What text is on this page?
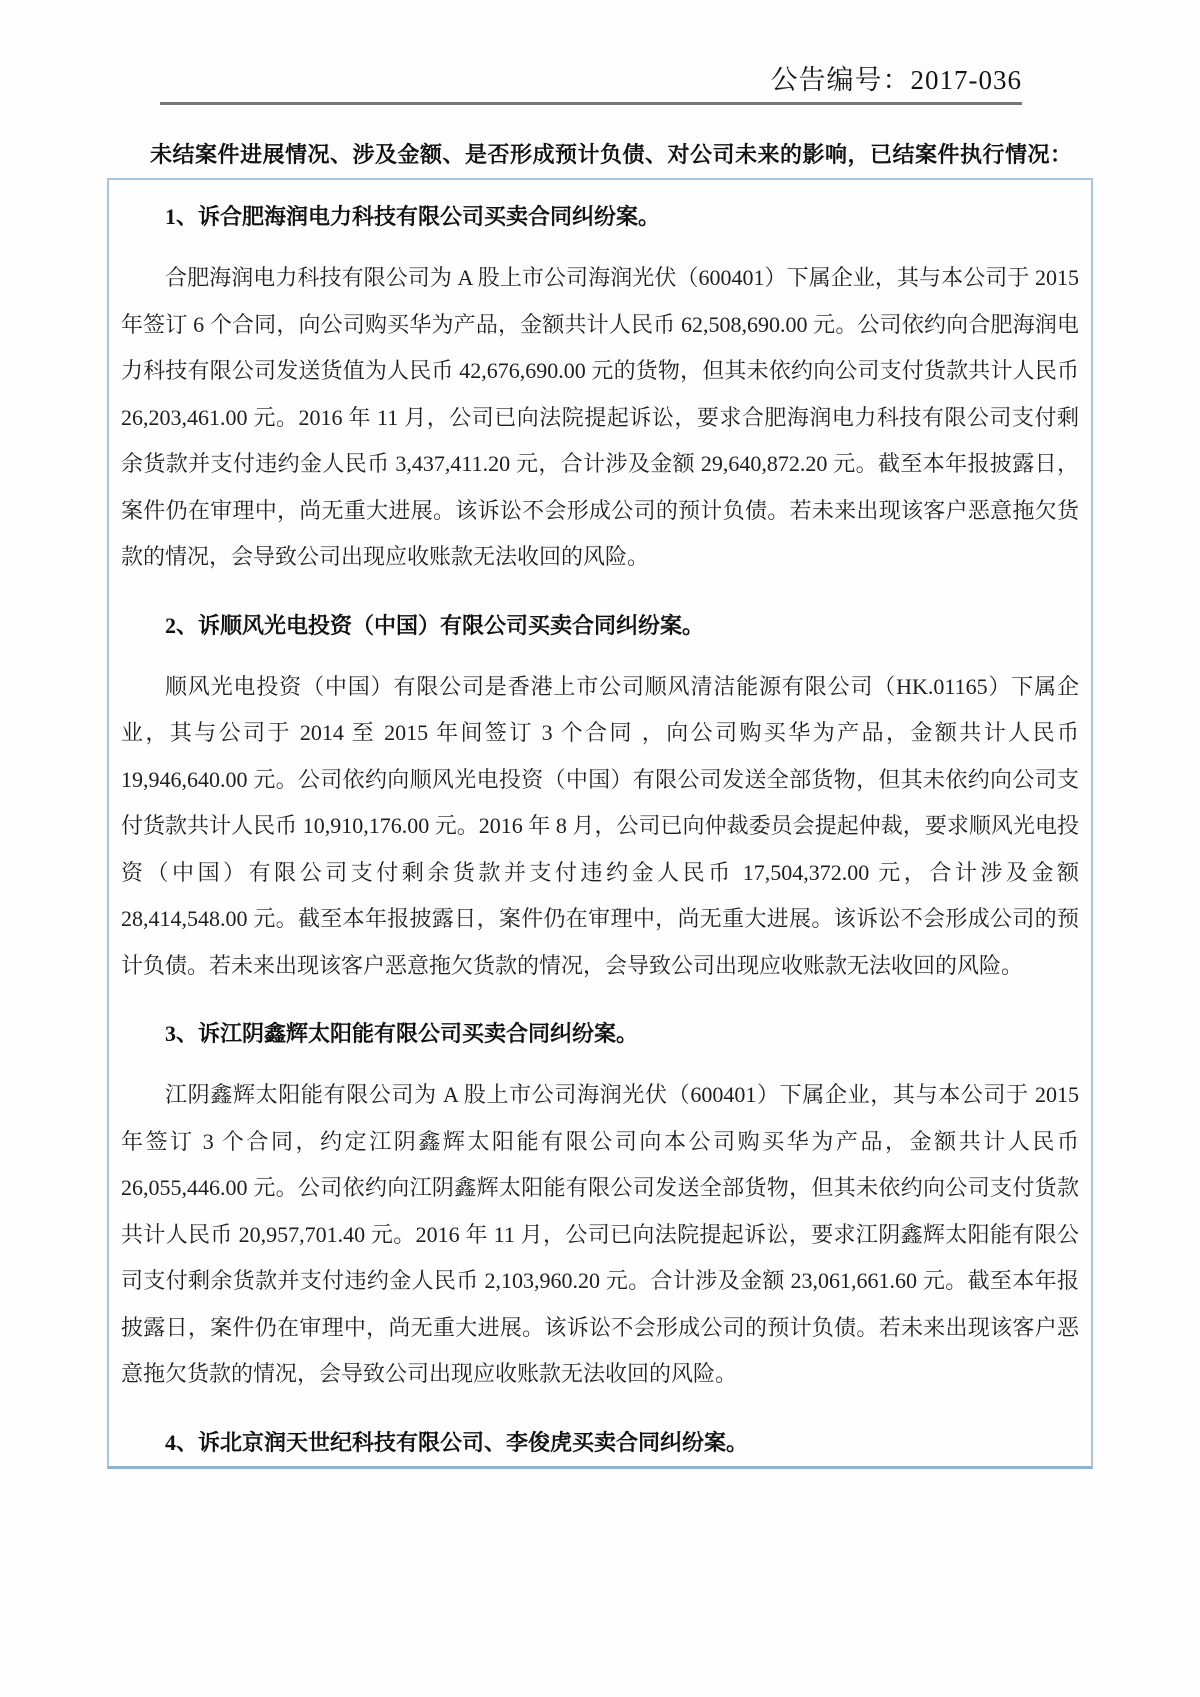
公告编号：2017-036

未结案件进展情况、涉及金额、是否形成预计负债、对公司未来的影响，已结案件执行情况：

1、诉合肥海润电力科技有限公司买卖合同纠纷案。

合肥海润电力科技有限公司为 A 股上市公司海润光伏（600401）下属企业，其与本公司于 2015 年签订 6 个合同，向公司购买华为产品，金额共计人民币 62,508,690.00 元。公司依约向合肥海润电力科技有限公司发送货值为人民币 42,676,690.00 元的货物，但其未依约向公司支付货款共计人民币 26,203,461.00 元。2016 年 11 月，公司已向法院提起诉讼，要求合肥海润电力科技有限公司支付剩余货款并支付违约金人民币 3,437,411.20 元，合计涉及金额 29,640,872.20 元。截至本年报披露日，案件仍在审理中，尚无重大进展。该诉讼不会形成公司的预计负债。若未来出现该客户恶意拖欠货款的情况，会导致公司出现应收账款无法收回的风险。

2、诉顺风光电投资（中国）有限公司买卖合同纠纷案。

顺风光电投资（中国）有限公司是香港上市公司顺风清洁能源有限公司（HK.01165）下属企业，其与公司于 2014 至 2015 年间签订 3 个合同 ，向公司购买华为产品，金额共计人民币 19,946,640.00 元。公司依约向顺风光电投资（中国）有限公司发送全部货物，但其未依约向公司支付货款共计人民币 10,910,176.00 元。2016 年 8 月，公司已向仲裁委员会提起仲裁，要求顺风光电投资（中国）有限公司支付剩余货款并支付违约金人民币 17,504,372.00 元，合计涉及金额 28,414,548.00 元。截至本年报披露日，案件仍在审理中，尚无重大进展。该诉讼不会形成公司的预计负债。若未来出现该客户恶意拖欠货款的情况，会导致公司出现应收账款无法收回的风险。

3、诉江阴鑫辉太阳能有限公司买卖合同纠纷案。

江阴鑫辉太阳能有限公司为 A 股上市公司海润光伏（600401）下属企业，其与本公司于 2015 年签订 3 个合同，约定江阴鑫辉太阳能有限公司向本公司购买华为产品，金额共计人民币 26,055,446.00 元。公司依约向江阴鑫辉太阳能有限公司发送全部货物，但其未依约向公司支付货款共计人民币 20,957,701.40 元。2016 年 11 月，公司已向法院提起诉讼，要求江阴鑫辉太阳能有限公司支付剩余货款并支付违约金人民币 2,103,960.20 元。合计涉及金额 23,061,661.60 元。截至本年报披露日，案件仍在审理中，尚无重大进展。该诉讼不会形成公司的预计负债。若未来出现该客户恶意拖欠货款的情况，会导致公司出现应收账款无法收回的风险。

4、诉北京润天世纪科技有限公司、李俊虎买卖合同纠纷案。
